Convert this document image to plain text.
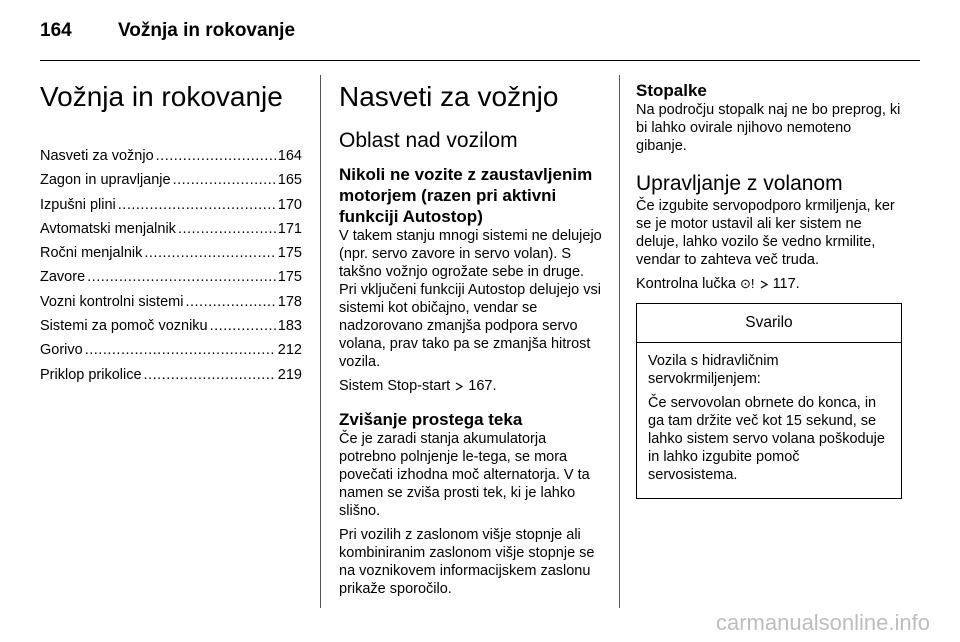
164 Vožnja in rokovanje
Vožnja in rokovanje
Nasveti za vožnjo .....	164
Zagon in upravljanje .....	165
Izpušni plini .....	170
Avtomatski menjalnik .....	171
Ročni menjalnik .....	175
Zavore .....	175
Vozni kontrolni sistemi .....	178
Sistemi za pomoč vozniku .....	183
Gorivo .....	212
Priklop prikolice .....	219
Nasveti za vožnjo
Oblast nad vozilom
Nikoli ne vozite z zaustavljenim motorjem (razen pri aktivni funkciji Autostop)

V takem stanju mnogi sistemi ne delujejo (npr. servo zavore in servo volan). S takšno vožnjo ogrožate sebe in druge. Pri vključeni funkciji Autostop delujejo vsi sistemi kot običajno, vendar se nadzorovano zmanjša podpora servo volana, prav tako pa se zmanjša hitrost vozila.

Sistem Stop-start 167.

Zvišanje prostega teka

Če je zaradi stanja akumulatorja potrebno polnjenje le-tega, se mora povečati izhodna moč alternatorja. V ta namen se zviša prosti tek, ki je lahko slišno.

Pri vozilih z zaslonom višje stopnje ali kombiniranim zaslonom višje stopnje se na voznikovem informacijskem zaslonu prikaže sporočilo.

Stopalke

Na področju stopalk naj ne bo preprog, ki bi lahko ovirale njihovo nemoteno gibanje.

Upravljanje z volanom

Če izgubite servopodporo krmiljenja, ker se je motor ustavil ali ker sistem ne deluje, lahko vozilo še vedno krmilite, vendar to zahteva več truda.

Kontrolna lučka ⊙! 117.

Svarilo

Vozila s hidravličnim servokrmiljenjem:

Če servovolan obrnete do konca, in ga tam držite več kot 15 sekund, se lahko sistem servo volana poškoduje in lahko izgubite pomoč servosistema.

carmanualsonline.info
